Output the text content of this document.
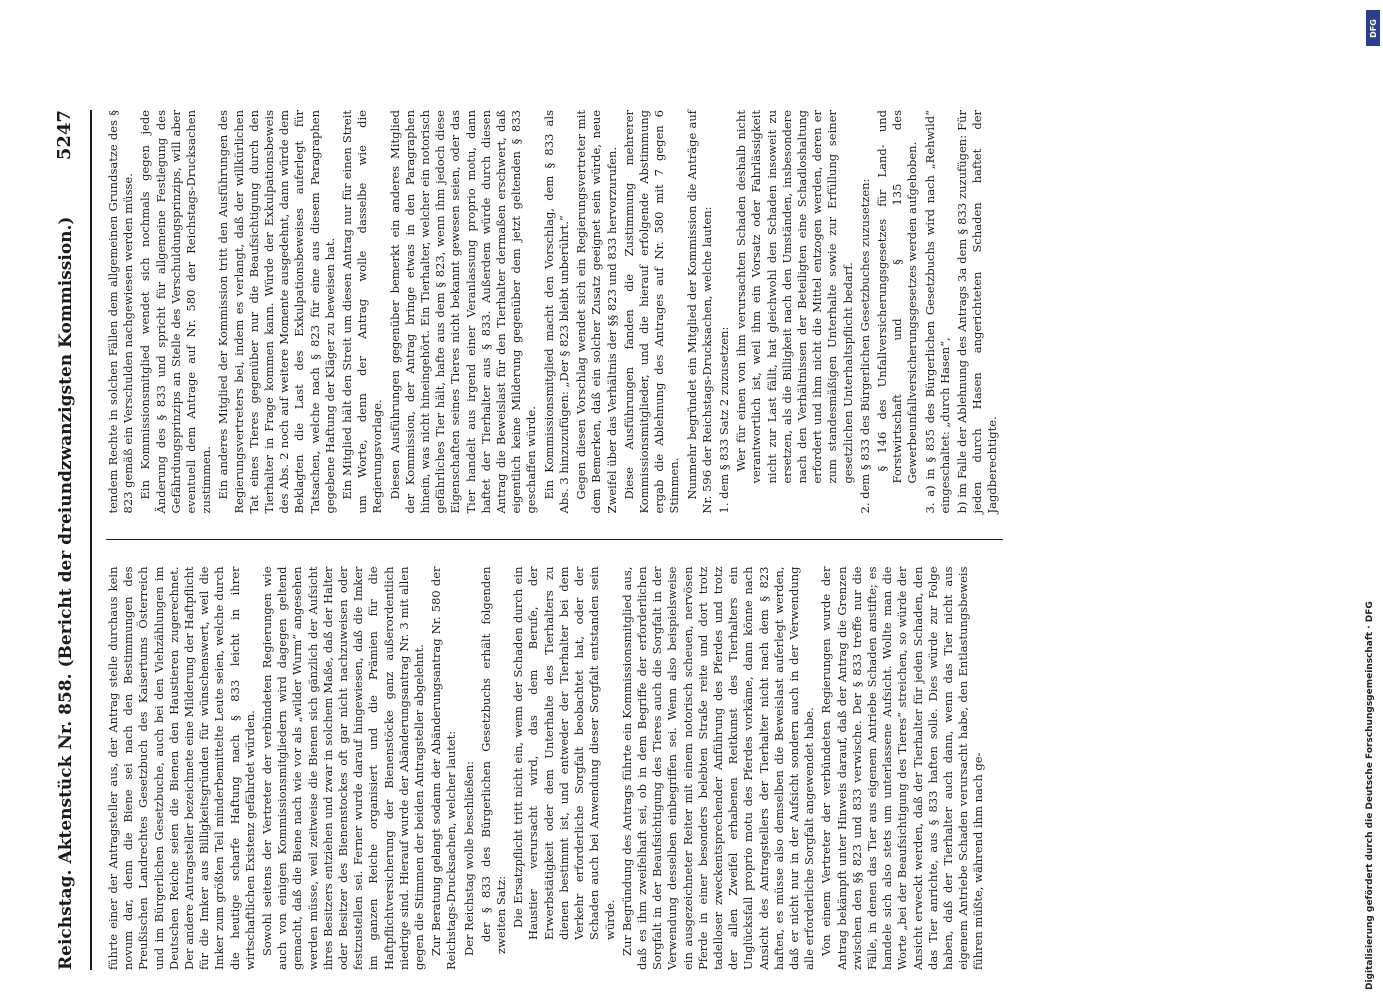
Reichstag.
Aktenstück Nr. 858. (Bericht der dreiundzwanzigsten Kommission.)
5247

führte einer der Antragsteller aus, der Antrag stelle durchaus kein novum dar, denn die Biene sei nach den Bestimmungen des Preußischen Landrechtes Gesetzbuch des Kaisertums Österreich und im Bürgerlichen Gesetzbuche, auch bei den Viehzählungen im Deutschen Reiche seien die Bienen den Haustieren zugerechnet. Der andere Antragsteller bezeichnete eine Milderung der Haftpflicht für die Imker aus Billigkeitsgründen für wünschenswert, weil die Imker zum größten Teil minderbemittelte Leute seien, welche durch die heutige scharfe Haftung nach § 833 leicht in ihrer wirtschaftlichen Existenz gefährdet würden. Sowohl seitens der Vertreter der verbündeten Regierungen wie auch von einigen Kommissionsmitgliedern wird dagegen geltend gemacht, daß die Biene nach wie vor als „wilder Wurm“ angesehen werden müsse, weil zeitweise die Bienen sich gänzlich der Aufsicht ihres Besitzers entziehen und zwar in solchem Maße, daß der Halter oder Besitzer des Bienenstockes oft gar nicht nachzuweisen oder festzustellen sei. Ferner wurde darauf hingewiesen, daß die Imker im ganzen Reiche organisiert und die Prämien für die Haftpflichtversicherung der Bienenstöcke ganz außerordentlich niedrige sind. Hierauf wurde der Abänderungsantrag Nr. 3 mit allen gegen die Stimmen der beiden Antragsteller abgelehnt. Zur Beratung gelangt sodann der Abänderungsantrag Nr. 580 der Reichstags-Drucksachen, welcher lautet: Der Reichstag wolle beschließen: der § 833 des Bürgerlichen Gesetzbuchs erhält folgenden zweiten Satz: Die Ersatzpflicht tritt nicht ein, wenn der Schaden durch ein Haustier verursacht wird, das dem Berufe, der Erwerbstätigkeit oder dem Unterhalte des Tierhalters zu dienen bestimmt ist, und entweder der Tierhalter bei dem Verkehr erforderliche Sorgfalt beobachtet hat, oder der Schaden auch bei Anwendung dieser Sorgfalt entstanden sein würde. Zur Begründung des Antrags führte ein Kommissionsmitglied aus, daß es ihm zweifelhaft sei, ob in dem Begriffe der erforderlichen Sorgfalt in der Beaufsichtigung des Tieres auch die Sorgfalt in der Verwendung desselben einbegriffen sei. Wenn also beispielsweise ein ausgezeichneter Reiter mit einem notorisch scheuen, nervösen Pferde in einer besonders belebten Straße reite und dort trotz tadelloser zweckentsprechender Anführung des Pferdes und trotz der allen Zweifel erhabenen Reitkunst des Tierhalters ein Unglücksfall proprio motu des Pferdes vorkäme, dann könne nach Ansicht des Antragstellers der Tierhalter nicht nach dem § 823 haften, es müsse also demselben die Beweislast auferlegt werden, daß er nicht nur in der Aufsicht sondern auch in der Verwendung alle erforderliche Sorgfalt angewendet habe. Von einem Vertreter der verbündeten Regierungen wurde der Antrag bekämpft unter Hinweis darauf, daß der Antrag die Grenzen zwischen den §§ 823 und 833 verwische. Der § 833 treffe nur die Fälle, in denen das Tier aus eigenem Antriebe Schaden anstifte; es handele sich also stets um unterlassene Aufsicht. Wollte man die Worte „bei der Beaufsichtigung des Tieres“ streichen, so würde der Ansicht erweckt werden, daß der Tierhalter für jeden Schaden, den das Tier anrichte, aus § 833 haften solle. Dies würde zur Folge haben, daß der Tierhalter auch dann, wenn das Tier nicht aus eigenem Antriebe Schaden verursacht habe, den Entlastungsbeweis führen müßte, während ihm nach ge-

tendem Rechte in solchen Fällen dem allgemeinen Grundsatze des § 823 gemäß ein Verschulden nachgewiesen werden müsse. Ein Kommissionsmitglied wendet sich nochmals gegen jede Änderung des § 833 und spricht für allgemeine Festlegung des Gefährdungsprinzips an Stelle des Verschuldungsprinzips, will aber eventuell dem Antrage auf Nr. 580 der Reichstags-Drucksachen zustimmen. Ein anderes Mitglied der Kommission tritt den Ausführungen des Regierungsvertreters bei, indem es verlangt, daß der willkürlichen Tat eines Tieres gegenüber nur die Beaufsichtigung durch den Tierhalter in Frage kommen kann. Würde der Exkulpationsbeweis des Abs. 2 noch auf weitere Momente ausgedehnt, dann würde dem Beklagten die Last des Exkulpationsbeweises auferlegt für Tatsachen, welche nach § 823 für eine aus diesem Paragraphen gegebene Haftung der Kläger zu beweisen hat. Ein Mitglied hält den Streit um diesen Antrag nur für einen Streit um Worte, denn der Antrag wolle dasselbe wie die Regierungsvorlage. Diesen Ausführungen gegenüber bemerkt ein anderes Mitglied der Kommission, der Antrag bringe etwas in den Paragraphen hinein, was nicht hineingehört. Ein Tierhalter, welcher ein notorisch gefährliches Tier hält, hafte aus dem § 823, wenn ihm jedoch diese Eigenschaften seines Tieres nicht bekannt gewesen seien, oder das Tier handelt aus irgend einer Veranlassung proprio motu, dann haftet der Tierhalter aus § 833. Außerdem würde durch diesen Antrag die Beweislast für den Tierhalter dermaßen erschwert, daß eigentlich keine Milderung gegenüber dem jetzt geltenden § 833 geschaffen würde. Ein Kommissionsmitglied macht den Vorschlag, dem § 833 als Abs. 3 hinzuzufügen: „Der § 823 bleibt unberührt.“ Gegen diesen Vorschlag wendet sich ein Regierungsvertreter mit dem Bemerken, daß ein solcher Zusatz geeignet sein würde, neue Zweifel über das Verhältnis der §§ 823 und 833 hervorzurufen. Diese Ausführungen fanden die Zustimmung mehrerer Kommissionsmitglieder, und die hierauf erfolgende Abstimmung ergab die Ablehnung des Antrages auf Nr. 580 mit 7 gegen 6 Stimmen. Nunmehr begründet ein Mitglied der Kommission die Anträge auf Nr. 596 der Reichstags-Drucksachen, welche lauten: 1. dem § 833 Satz 2 zuzusetzen: Wer für einen von ihm verursachten Schaden deshalb nicht verantwortlich ist, weil ihm ein Vorsatz oder Fahrlässigkeit nicht zur Last fällt, hat gleichwohl den Schaden insoweit zu ersetzen, als die Billigkeit nach den Umständen, insbesondere nach den Verhältnissen der Beteiligten eine Schadloshaltung erfordert und ihm nicht die Mittel entzogen werden, deren er zum standesmäßigen Unterhalte sowie zur Erfüllung seiner gesetzlichen Unterhaltspflicht bedarf. 2. dem § 833 des Bürgerlichen Gesetzbuches zuzusetzen: § 146 des Unfallversicherungsgesetzes für Land- und Forstwirtschaft und § 135 des Gewerbeunfallversicherungsgesetzes werden aufgehoben. 3. a) in § 835 des Bürgerlichen Gesetzbuchs wird nach „Rehwild“ eingeschaltet: „durch Hasen“, b) im Falle der Ablehnung des Antrags 3a dem § 833 zuzufügen: Für jeden durch Hasen angerichteten Schaden haftet der Jagdberechtigte.

Digitalisierung gefördert durch die Deutsche Forschungsgemeinschaft · DFG
DFG
